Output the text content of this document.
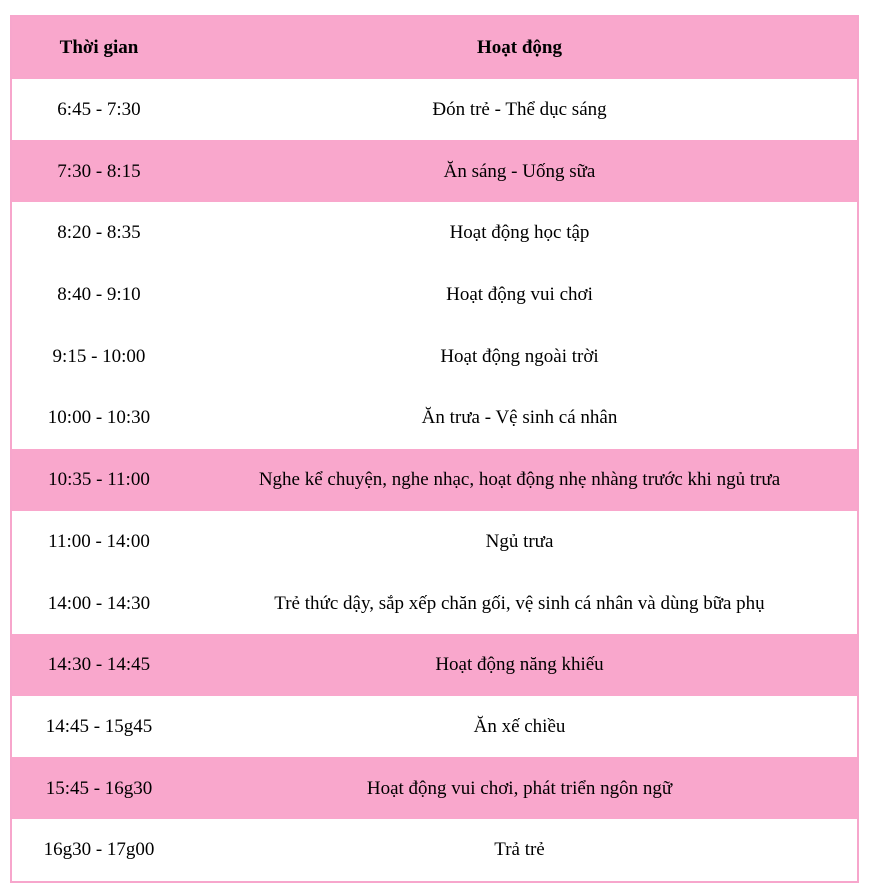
Thời gian	Hoạt động
6:45 - 7:30	Đón trẻ - Thể dục sáng
7:30 - 8:15	Ăn sáng - Uống sữa
8:20 - 8:35	Hoạt động học tập
8:40 - 9:10	Hoạt động vui chơi
9:15 - 10:00	Hoạt động ngoài trời
10:00 - 10:30	Ăn trưa - Vệ sinh cá nhân
10:35 - 11:00	Nghe kể chuyện, nghe nhạc, hoạt động nhẹ nhàng trước khi ngủ trưa
11:00 - 14:00	Ngủ trưa
14:00 - 14:30	Trẻ thức dậy, sắp xếp chăn gối, vệ sinh cá nhân và dùng bữa phụ
14:30 - 14:45	Hoạt động năng khiếu
14:45 - 15g45	Ăn xế chiều
15:45 - 16g30	Hoạt động vui chơi, phát triển ngôn ngữ
16g30 - 17g00	Trả trẻ
